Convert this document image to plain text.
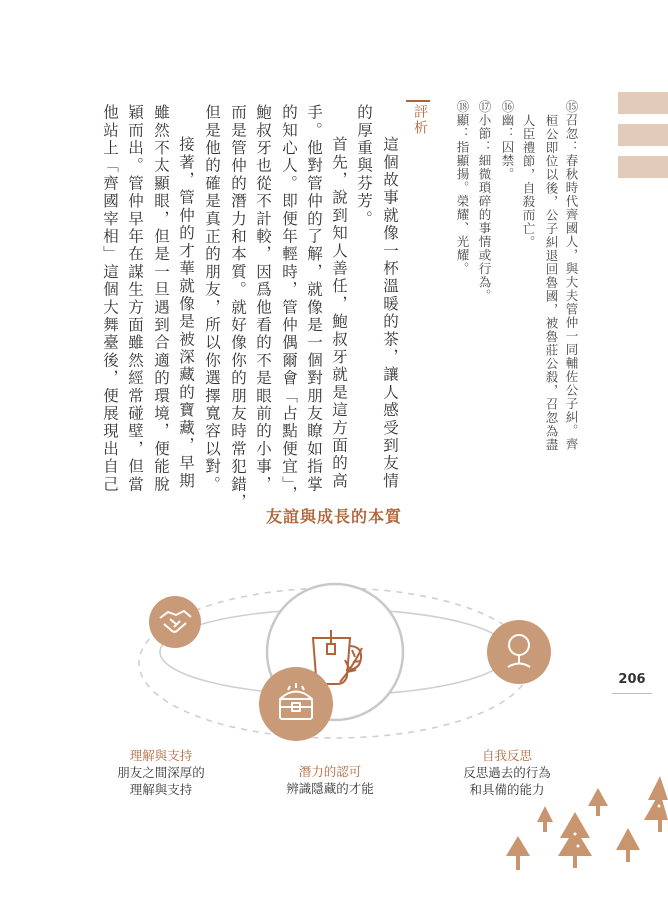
⑮召忽：春秋時代齊國人，與大夫管仲一同輔佐公子糾。齊
桓公即位以後，公子糾退回魯國，被魯莊公殺，召忽為盡
人臣禮節，自殺而亡。
⑯幽：囚禁。
⑰小節：細微瑣碎的事情或行為。
⑱顯：指顯揚。榮耀、光耀。
評析
這個故事就像一杯溫暖的茶，讓人感受到友情
的厚重與芬芳。
首先，說到知人善任，鮑叔牙就是這方面的高
手。他對管仲的了解，就像是一個對朋友瞭如指掌
的知心人。即便年輕時，管仲偶爾會「占點便宜」，
鮑叔牙也從不計較，因爲他看的不是眼前的小事，
而是管仲的潛力和本質。就好像你的朋友時常犯錯，
但是他的確是真正的朋友，所以你選擇寬容以對。
接著，管仲的才華就像是被深藏的寶藏，早期
雖然不太顯眼，但是一旦遇到合適的環境，便能脫
穎而出。管仲早年在謀生方面雖然經常碰壁，但當
他站上「齊國宰相」這個大舞臺後，便展現出自己
206
友誼與成長的本質
理解與支持
朋友之間深厚的
理解與支持
潛力的認可
辨識隱藏的才能
自我反思
反思過去的行為
和具備的能力
